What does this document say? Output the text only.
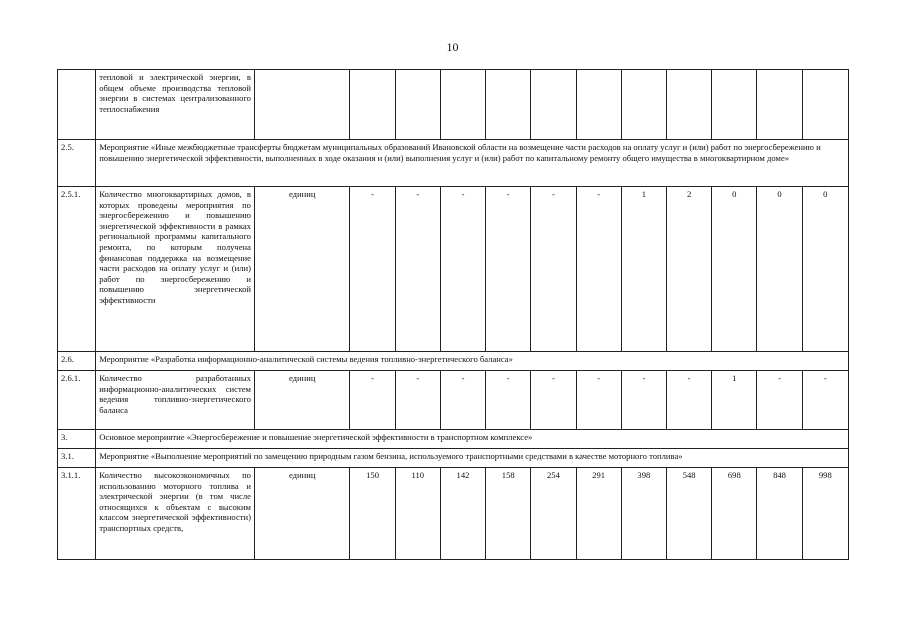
10
	тепловой и электрической энергии, в общем объеме производства тепловой энергии в системах централизованного теплоснабжения												
2.5.	Мероприятие «Иные межбюджетные трансферты бюджетам муниципальных образований Ивановской области на возмещение части расходов на оплату услуг и (или) работ по энергосбережению и повышению энергетической эффективности, выполненных в ходе оказания и (или) выполнения услуг и (или) работ по капитальному ремонту общего имущества в многоквартирном доме»												
2.5.1.	Количество многоквартирных домов, в которых проведены мероприятия по энергосбережению и повышению энергетической эффективности в рамках региональной программы капитального ремонта, по которым получена финансовая поддержка на возмещение части расходов на оплату услуг и (или) работ по энергосбережению и повышению энергетической эффективности	единиц	-	-	-	-	-	-	1	2	0	0	0
2.6.	Мероприятие «Разработка информационно-аналитической системы ведения топливно-энергетического баланса»												
2.6.1.	Количество разработанных информационно-аналитических систем ведения топливно-энергетического баланса	единиц	-	-	-	-	-	-	-	-	1	-	-
3.	Основное мероприятие «Энергосбережение и повышение энергетической эффективности в транспортном комплексе»												
3.1.	Мероприятие «Выполнение мероприятий по замещению природным газом бензина, используемого транспортными средствами в качестве моторного топлива»												
3.1.1.	Количество высокоэкономичных по использованию моторного топлива и электрической энергии (в том числе относящихся к объектам с высоким классом энергетической эффективности) транспортных средств,	единиц	150	110	142	158	254	291	398	548	698	848	998
